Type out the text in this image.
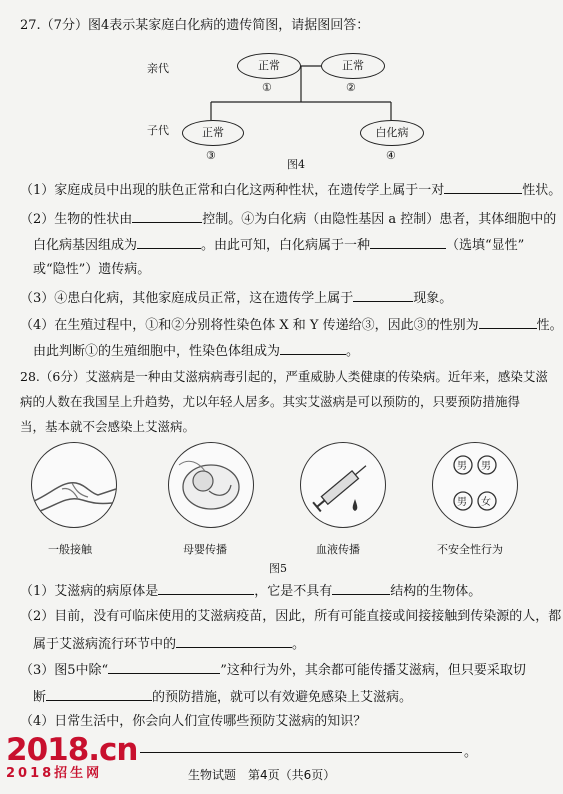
27.（7分）图4表示某家庭白化病的遗传简图，请据图回答：
亲代
子代
正常
①
正常
②
正常
③
白化病
④
图4
（1）家庭成员中出现的肤色正常和白化这两种性状，在遗传学上属于一对	性状。
（2）生物的性状由	控制。④为白化病（由隐性基因 a 控制）患者，其体细胞中的
白化病基因组成为	。由此可知，白化病属于一种	（选填“显性”
或“隐性”）遗传病。
（3）④患白化病，其他家庭成员正常，这在遗传学上属于	现象。
（4）在生殖过程中，①和②分别将性染色体 X 和 Y 传递给③，因此③的性别为	性。
由此判断①的生殖细胞中，性染色体组成为	。
28.（6分）艾滋病是一种由艾滋病病毒引起的，严重威胁人类健康的传染病。近年来，感染艾滋
病的人数在我国呈上升趋势，尤以年轻人居多。其实艾滋病是可以预防的，只要预防措施得
当，基本就不会感染上艾滋病。
男 男
男 女
一般接触	母婴传播	血液传播	不安全性行为
图5
（1）艾滋病的病原体是	，它是不具有	结构的生物体。
（2）目前，没有可临床使用的艾滋病疫苗，因此，所有可能直接或间接接触到传染源的人，都
属于艾滋病流行环节中的	。
（3）图5中除“	”这种行为外，其余都可能传播艾滋病，但只要采取切
断	的预防措施，就可以有效避免感染上艾滋病。
（4）日常生活中，你会向人们宣传哪些预防艾滋病的知识？
。
生物试题　第4页（共6页）
2018.cn
2018招生网
